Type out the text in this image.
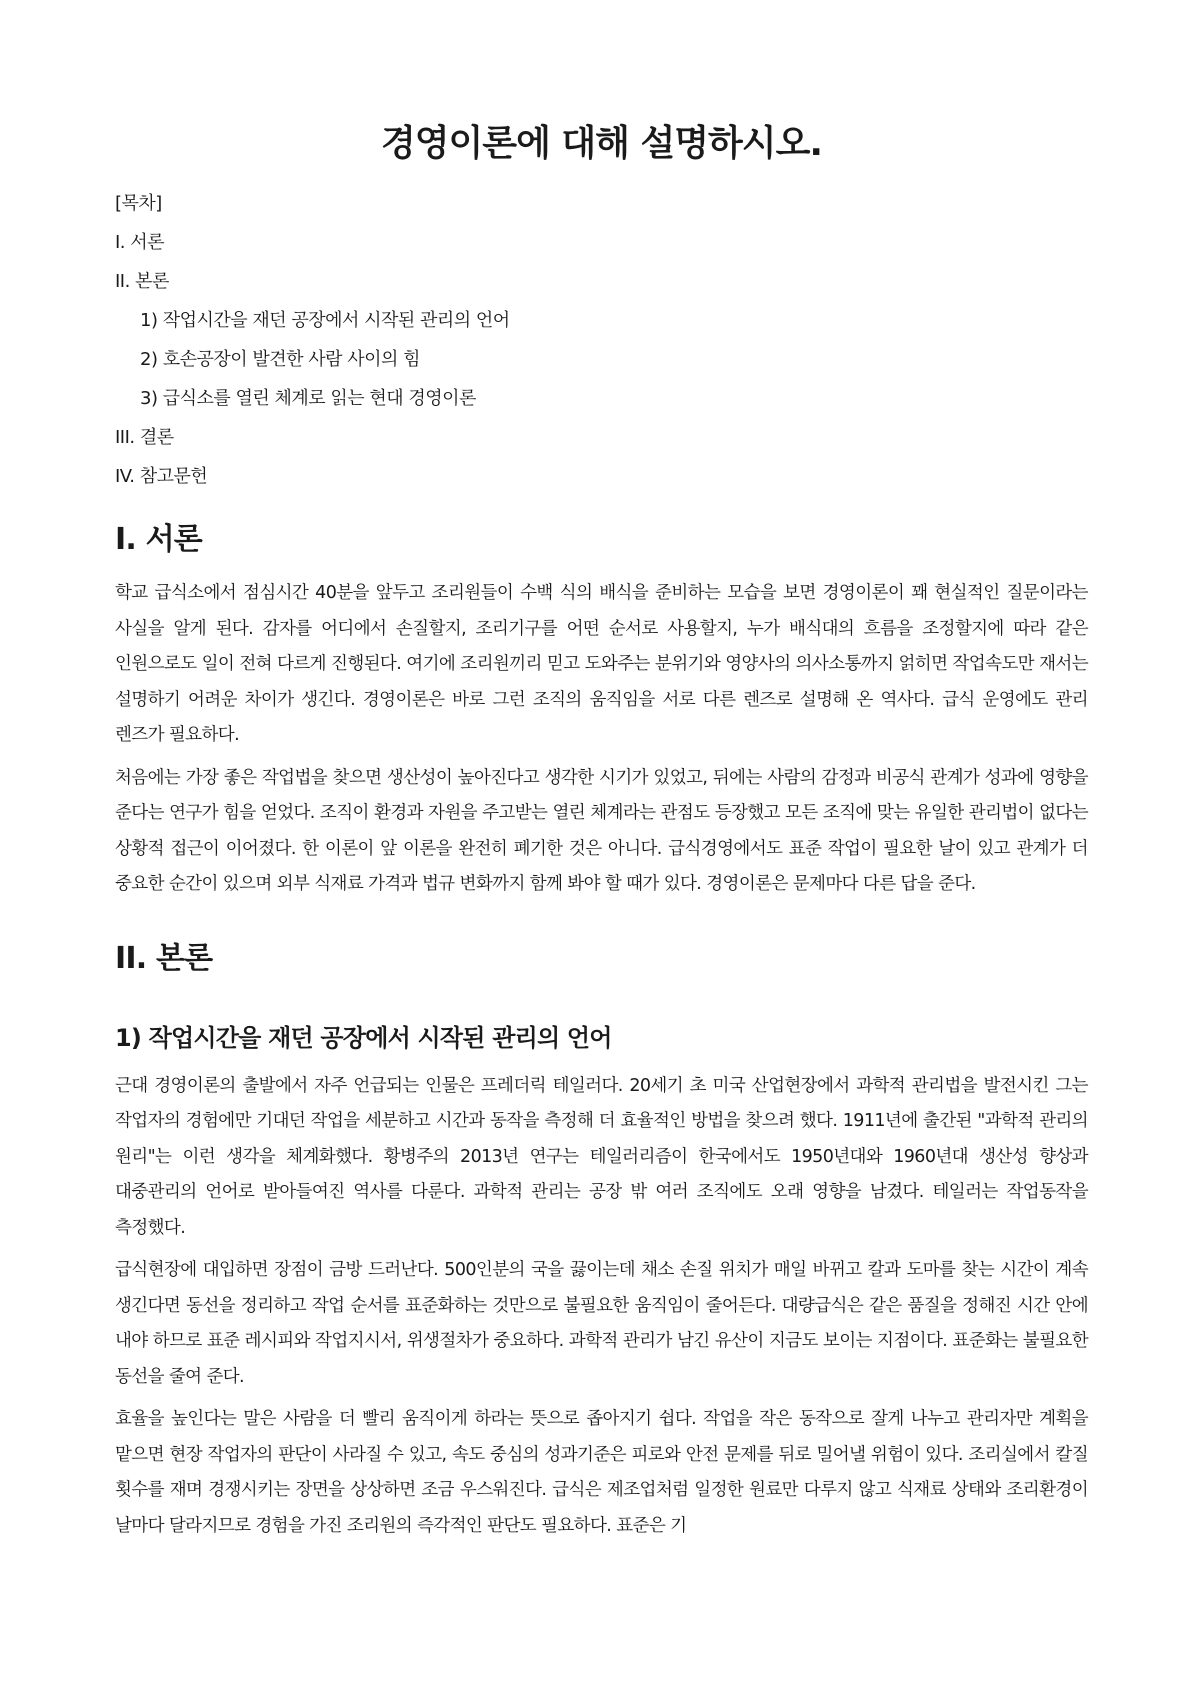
경영이론에 대해 설명하시오.
[목차]
I. 서론
II. 본론
1) 작업시간을 재던 공장에서 시작된 관리의 언어
2) 호손공장이 발견한 사람 사이의 힘
3) 급식소를 열린 체계로 읽는 현대 경영이론
III. 결론
IV. 참고문헌
I. 서론

학교 급식소에서 점심시간 40분을 앞두고 조리원들이 수백 식의 배식을 준비하는 모습을 보면 경영이론이 꽤 현실적인 질문이라는 사실을 알게 된다. 감자를 어디에서 손질할지, 조리기구를 어떤 순서로 사용할지, 누가 배식대의 흐름을 조정할지에 따라 같은 인원으로도 일이 전혀 다르게 진행된다. 여기에 조리원끼리 믿고 도와주는 분위기와 영양사의 의사소통까지 얽히면 작업속도만 재서는 설명하기 어려운 차이가 생긴다. 경영이론은 바로 그런 조직의 움직임을 서로 다른 렌즈로 설명해 온 역사다. 급식 운영에도 관리 렌즈가 필요하다.

처음에는 가장 좋은 작업법을 찾으면 생산성이 높아진다고 생각한 시기가 있었고, 뒤에는 사람의 감정과 비공식 관계가 성과에 영향을 준다는 연구가 힘을 얻었다. 조직이 환경과 자원을 주고받는 열린 체계라는 관점도 등장했고 모든 조직에 맞는 유일한 관리법이 없다는 상황적 접근이 이어졌다. 한 이론이 앞 이론을 완전히 폐기한 것은 아니다. 급식경영에서도 표준 작업이 필요한 날이 있고 관계가 더 중요한 순간이 있으며 외부 식재료 가격과 법규 변화까지 함께 봐야 할 때가 있다. 경영이론은 문제마다 다른 답을 준다.

II. 본론
1) 작업시간을 재던 공장에서 시작된 관리의 언어

근대 경영이론의 출발에서 자주 언급되는 인물은 프레더릭 테일러다. 20세기 초 미국 산업현장에서 과학적 관리법을 발전시킨 그는 작업자의 경험에만 기대던 작업을 세분하고 시간과 동작을 측정해 더 효율적인 방법을 찾으려 했다. 1911년에 출간된 "과학적 관리의 원리"는 이런 생각을 체계화했다. 황병주의 2013년 연구는 테일러리즘이 한국에서도 1950년대와 1960년대 생산성 향상과 대중관리의 언어로 받아들여진 역사를 다룬다. 과학적 관리는 공장 밖 여러 조직에도 오래 영향을 남겼다. 테일러는 작업동작을 측정했다.

급식현장에 대입하면 장점이 금방 드러난다. 500인분의 국을 끓이는데 채소 손질 위치가 매일 바뀌고 칼과 도마를 찾는 시간이 계속 생긴다면 동선을 정리하고 작업 순서를 표준화하는 것만으로 불필요한 움직임이 줄어든다. 대량급식은 같은 품질을 정해진 시간 안에 내야 하므로 표준 레시피와 작업지시서, 위생절차가 중요하다. 과학적 관리가 남긴 유산이 지금도 보이는 지점이다. 표준화는 불필요한 동선을 줄여 준다.

효율을 높인다는 말은 사람을 더 빨리 움직이게 하라는 뜻으로 좁아지기 쉽다. 작업을 작은 동작으로 잘게 나누고 관리자만 계획을 맡으면 현장 작업자의 판단이 사라질 수 있고, 속도 중심의 성과기준은 피로와 안전 문제를 뒤로 밀어낼 위험이 있다. 조리실에서 칼질 횟수를 재며 경쟁시키는 장면을 상상하면 조금 우스워진다. 급식은 제조업처럼 일정한 원료만 다루지 않고 식재료 상태와 조리환경이 날마다 달라지므로 경험을 가진 조리원의 즉각적인 판단도 필요하다. 표준은 기
